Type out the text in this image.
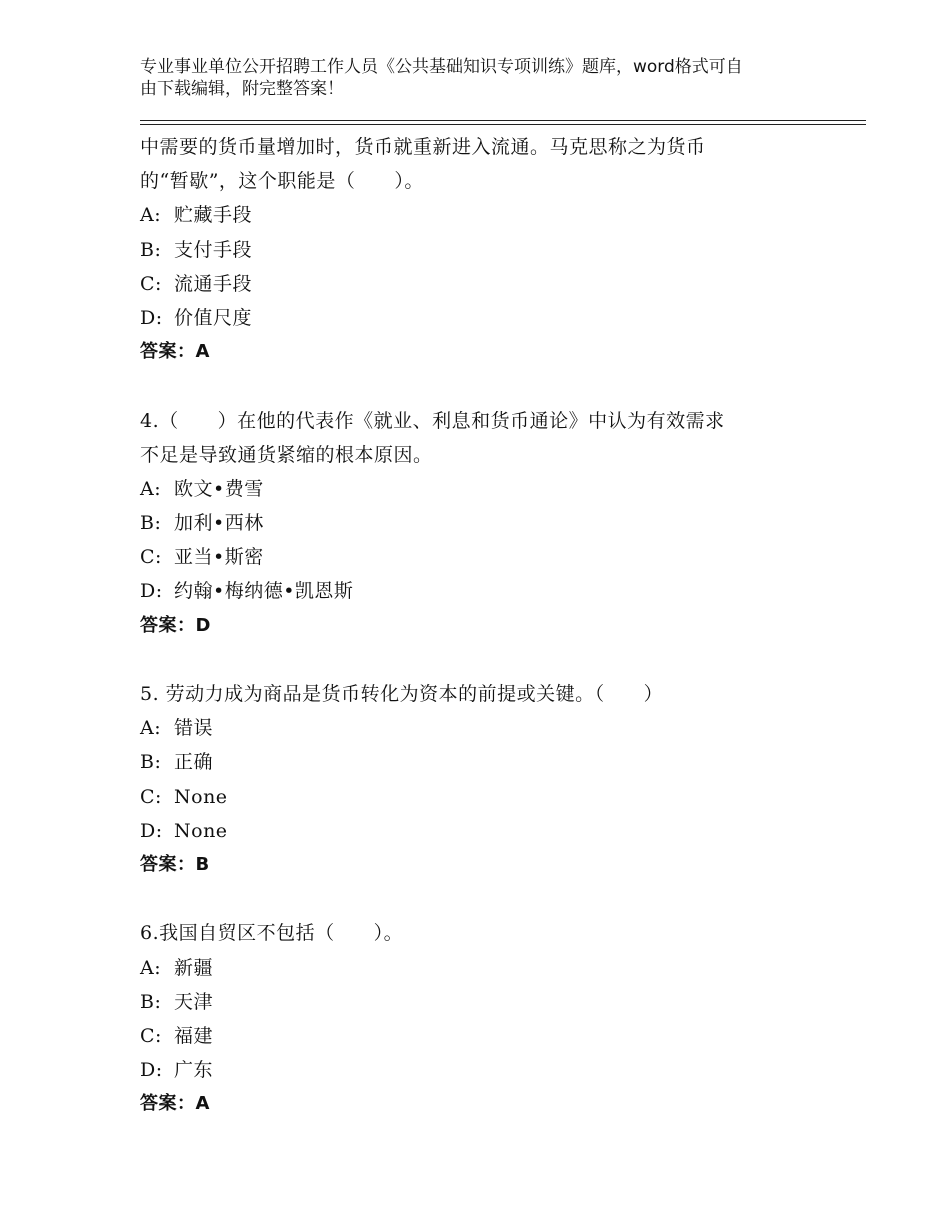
专业事业单位公开招聘工作人员《公共基础知识专项训练》题库，word格式可自
由下载编辑，附完整答案！
中需要的货币量增加时，货币就重新进入流通。马克思称之为货币
的“暂歇”，这个职能是（　　）。
A: 贮藏手段
B: 支付手段
C: 流通手段
D: 价值尺度
答案：A
4.（　　）在他的代表作《就业、利息和货币通论》中认为有效需求
不足是导致通货紧缩的根本原因。
A: 欧文•费雪
B: 加利•西林
C: 亚当•斯密
D: 约翰•梅纳德•凯恩斯
答案：D
5. 劳动力成为商品是货币转化为资本的前提或关键。（　　）
A: 错误
B: 正确
C: None
D: None
答案：B
6.我国自贸区不包括（　　）。
A: 新疆
B: 天津
C: 福建
D: 广东
答案：A
